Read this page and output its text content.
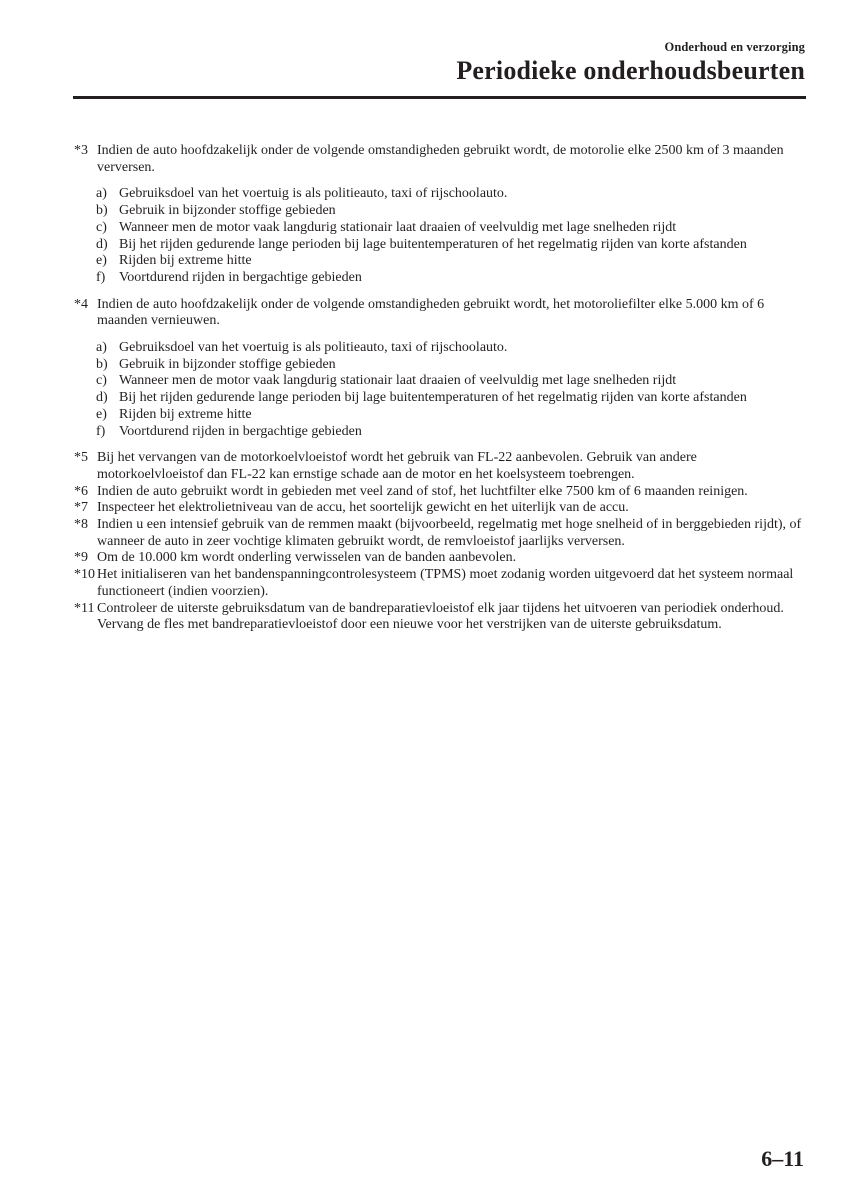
Onderhoud en verzorging
Periodieke onderhoudsbeurten
*3 Indien de auto hoofdzakelijk onder de volgende omstandigheden gebruikt wordt, de motorolie elke 2500 km of 3 maanden verversen.
a) Gebruiksdoel van het voertuig is als politieauto, taxi of rijschoolauto.
b) Gebruik in bijzonder stoffige gebieden
c) Wanneer men de motor vaak langdurig stationair laat draaien of veelvuldig met lage snelheden rijdt
d) Bij het rijden gedurende lange perioden bij lage buitentemperaturen of het regelmatig rijden van korte afstanden
e) Rijden bij extreme hitte
f) Voortdurend rijden in bergachtige gebieden
*4 Indien de auto hoofdzakelijk onder de volgende omstandigheden gebruikt wordt, het motoroliefilter elke 5.000 km of 6 maanden vernieuwen.
a) Gebruiksdoel van het voertuig is als politieauto, taxi of rijschoolauto.
b) Gebruik in bijzonder stoffige gebieden
c) Wanneer men de motor vaak langdurig stationair laat draaien of veelvuldig met lage snelheden rijdt
d) Bij het rijden gedurende lange perioden bij lage buitentemperaturen of het regelmatig rijden van korte afstanden
e) Rijden bij extreme hitte
f) Voortdurend rijden in bergachtige gebieden
*5 Bij het vervangen van de motorkoelvloeistof wordt het gebruik van FL-22 aanbevolen. Gebruik van andere motorkoelvloeistof dan FL-22 kan ernstige schade aan de motor en het koelsysteem toebrengen.
*6 Indien de auto gebruikt wordt in gebieden met veel zand of stof, het luchtfilter elke 7500 km of 6 maanden reinigen.
*7 Inspecteer het elektrolietniveau van de accu, het soortelijk gewicht en het uiterlijk van de accu.
*8 Indien u een intensief gebruik van de remmen maakt (bijvoorbeeld, regelmatig met hoge snelheid of in berggebieden rijdt), of wanneer de auto in zeer vochtige klimaten gebruikt wordt, de remvloeistof jaarlijks verversen.
*9 Om de 10.000 km wordt onderling verwisselen van de banden aanbevolen.
*10 Het initialiseren van het bandenspanningcontrolesysteem (TPMS) moet zodanig worden uitgevoerd dat het systeem normaal functioneert (indien voorzien).
*11 Controleer de uiterste gebruiksdatum van de bandreparatievloeistof elk jaar tijdens het uitvoeren van periodiek onderhoud. Vervang de fles met bandreparatievloeistof door een nieuwe voor het verstrijken van de uiterste gebruiksdatum.
6–11
